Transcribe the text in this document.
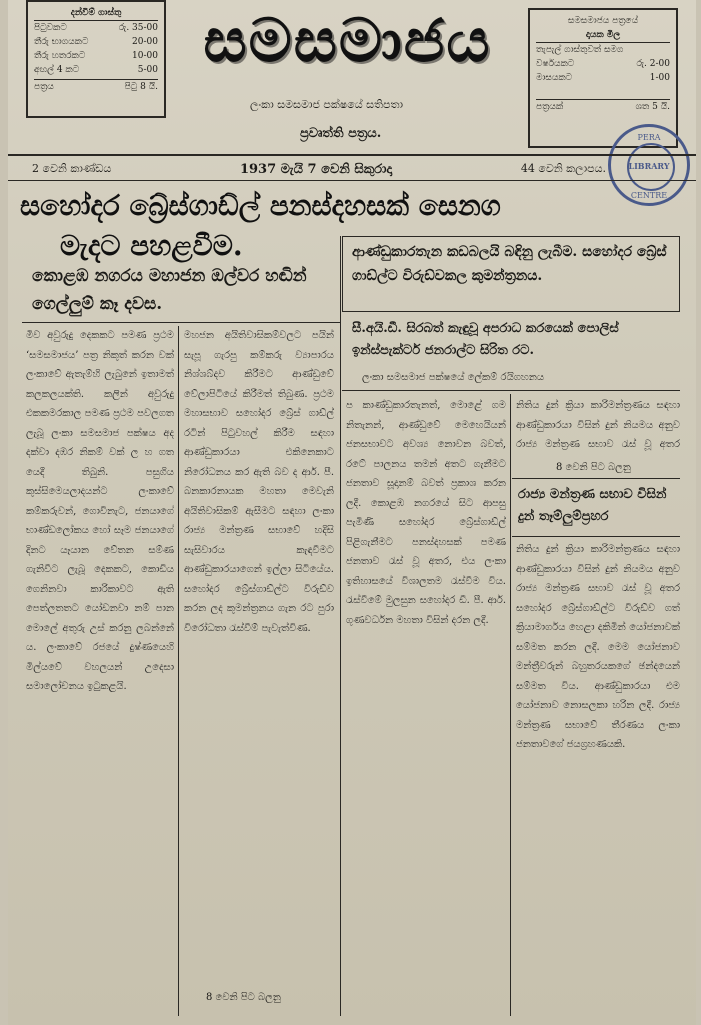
දන්වීම් ගාස්තු
පිටුවකට	රු. 35-00
තීරු භාගයකට	20-00
තීරු හතරකට	10-00
අඟල් 4 කට	5-00
පත්‍රය	පිටු 8 යි.
සමසමාජය
ලංකා සමසමාජ පක්ෂයේ සතිපතා
ප්‍රවෘත්ති පත්‍රය.
සමසමාජය පත්‍රයේ
දායක මිල
තැපැල් ගාස්තුවත් සමග
වර්ෂයකට	රු. 2-00
මාසයකට	1-00
පත්‍රයක්	ශත 5 යි.
PERA
LIBRARY
CENTRE
2 වෙනි කාණ්ඩය	1937 මැයි 7 වෙනි සිකුරාදා	44 වෙනි කලාපය.
සහෝදර බ්‍රේස්ගාඩ්ල් පනස්දහසක් සෙනග
මැදට පහළවීම.
කොළඹ නගරය මහාජන ඔල්වර හඬින් ගෙල්ලුම් කෑ දවස.
ආණ්ඩුකාරතැන කඩබලයි බඳිනු ලැබීම. සහෝදර බ්‍රේස් ගාඩ්ල්ට විරුඩ්වකල කුමන්ත්‍රනය.
සී.අයි.ඩී. සිරබත් කැඳුවූ අපරාධ කරයෙක් පොලිස් ඉන්ස්පැක්ටර් ජනරාල්ට සිරිත රට.
ලංකා සමසමාජ පක්ෂයේ ලේකම් රයිගහනය
මිව අවුරුදු දෙකකට පමණ ප්‍රථම ‘සමසමාජය’ පත්‍ර නිකුත් කරන වක් ලංකාවේ ඇතැම්හි ලැබුනේ ඉතාමත් කලකලයක්ති. කලින් අවුරුදු එකකමරකාල පමණ ප්‍රථම පවලගත ලැබූ ලංකා සමසමාජ පක්ෂය අද දක්වා දඹර නිකම් වක් ල හ ගත යෙදී තිබුනි. පසුගිය කුස්සිමෙයලාදයන්ට ලංකාවේ කම්කරුවන්, ගොවිනැට, ජනයාගේ භාණ්ඩලෝකය හෝ සෑම ජනයාගේ දිනට යෑයාන වේතන සම්ණ ගැනිවීට ලැබූ දෙකකට, කොඩිය ගෙනිනවා කාරිකාවට ඇති පෙත්ලතතට යෝඩනවා නම් පාන මොලේ අතුරු උස් කරනු ලබන්නේ ය. ලංකාවේ රජයේ දුෂ්ණයෙහි මිල්යවේ වහලයන් උදෙසා සමාලෝචනය ඉටුකළයි.
මහජන අයිතිවාසිකම්වලට පයින් සැපූ ගැරපු කම්කරු ව්‍යාපාරය නිශ්ශබ්දව කිරීමට ආණ්ඩුවේ වේලාපිටියේ කිරීමත් තිබුණ. ප්‍රථම මහාසභාව සහෝදර බ්‍රේස් ගාඩ්ල් රටින් පිටුවහල් කිරීම සඳහා ආණ්ඩුකාරයා එකිනෙකාට නිරෝධනය කර ඇති බව ද ආර්. පී. බනකාරනායක මහතා මෙවැනි අයිතිවාසිකම් ඇසීමට සඳහා ලංකා රාජ්‍ය මන්ත්‍රණ සභාවේ හදිසි සැසිවාරය කැඳවීමට ආණ්ඩුකාරයාගෙන් ඉල්ලා සිටියේය. සහෝදර බ්‍රේස්ගාඩ්ල්ට විරුඩ්ව කරන ලද කුමන්ත්‍රනය ගැන රට පුරා විරෝධතා රැස්වීම් පැවැත්විණ.
8 වෙනි පිට බලනු
ප කාණ්ඩුකාරතැනත්, මොළේ ගම නිතැනන්, ආණ්ඩුවේ මෙහෙයියන් ජනසභාවට අවශ්‍ය නොවන බවත්, රටේ පාලනය තමන් අතට ගැනීමට ජනතාව සූදානම් බවත් ප්‍රකාශ කරන ලදී. කොළඹ නගරයේ සිට ආපසු පැමිණි සහෝදර බ්‍රේස්ගාඩ්ල් පිළිගැනීමට පනස්දහසක් පමණ ජනතාව රැස් වූ අතර, එය ලංකා ඉතිහාසයේ විශාලතම රැස්වීම විය. රැස්වීමේ මුලසුන සහෝදර ඩී. පී. ආර්. ගුණවර්ධන මහතා විසින් දරන ලදී.
8 වෙනි පිට බලනු
රාජ්‍ය මන්ත්‍රණ සභාව විසින් දුන් තෑම්ලුම්ප්‍රහර
නිතිය දුන් ක්‍රියා කාරිමන්ත්‍රණය සඳහා ආණ්ඩුකාරයා විසින් දුන් නියමය අනුව රාජ්‍ය මන්ත්‍රණ සභාව රැස් වූ අතර
නිතිය දුන් ක්‍රියා කාරිමන්ත්‍රණය සඳහා ආණ්ඩුකාරයා විසින් දුන් නියමය අනුව රාජ්‍ය මන්ත්‍රණ සභාව රැස් වූ අතර සහෝදර බ්‍රේස්ගාඩ්ල්ට විරුඩ්ව ගත් ක්‍රියාමාර්ගය හෙළා දකිමින් යෝජනාවක් සම්මත කරන ලදී. මෙම යෝජනාව මන්ත්‍රීවරුන් බහුතරයකගේ ඡන්දයෙන් සම්මත විය. ආණ්ඩුකාරයා එම යෝජනාව නොසලකා හරින ලදී. රාජ්‍ය මන්ත්‍රණ සභාවේ තීරණය ලංකා ජනතාවගේ ජයග්‍රහණයකි.
